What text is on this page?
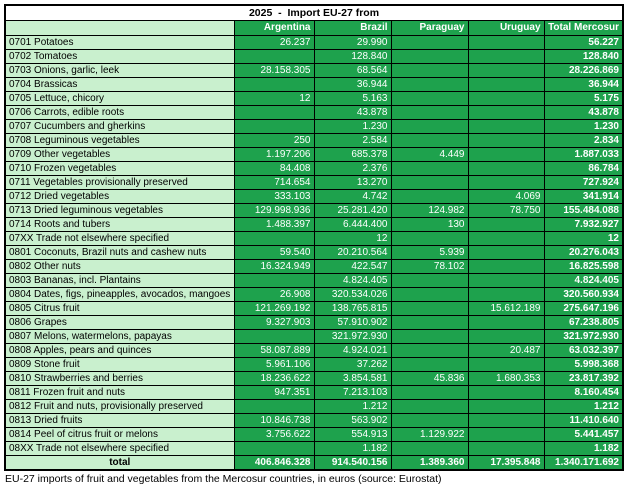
2025  -  Import EU-27 from					
	Argentina	Brazil	Paraguay	Uruguay	Total Mercosur
0701 Potatoes	26.237	29.990			56.227
0702 Tomatoes		128.840			128.840
0703 Onions, garlic, leek	28.158.305	68.564			28.226.869
0704 Brassicas		36.944			36.944
0705 Lettuce, chicory	12	5.163			5.175
0706 Carrots, edible roots		43.878			43.878
0707 Cucumbers and gherkins		1.230			1.230
0708 Leguminous vegetables	250	2.584			2.834
0709 Other vegetables	1.197.206	685.378	4.449		1.887.033
0710 Frozen vegetables	84.408	2.376			86.784
0711 Vegetables provisionally preserved	714.654	13.270			727.924
0712 Dried vegetables	333.103	4.742		4.069	341.914
0713 Dried leguminous vegetables	129.998.936	25.281.420	124.982	78.750	155.484.088
0714 Roots and tubers	1.488.397	6.444.400	130		7.932.927
07XX Trade not elsewhere specified		12			12
0801 Coconuts, Brazil nuts and cashew nuts	59.540	20.210.564	5.939		20.276.043
0802 Other nuts	16.324.949	422.547	78.102		16.825.598
0803 Bananas, incl. Plantains		4.824.405			4.824.405
0804 Dates, figs, pineapples, avocados, mangoes	26.908	320.534.026			320.560.934
0805 Citrus fruit	121.269.192	138.765.815		15.612.189	275.647.196
0806 Grapes	9.327.903	57.910.902			67.238.805
0807 Melons, watermelons, papayas		321.972.930			321.972.930
0808 Apples, pears and quinces	58.087.889	4.924.021		20.487	63.032.397
0809 Stone fruit	5.961.106	37.262			5.998.368
0810 Strawberries and berries	18.236.622	3.854.581	45.836	1.680.353	23.817.392
0811 Frozen fruit and nuts	947.351	7.213.103			8.160.454
0812 Fruit and nuts, provisionally preserved		1.212			1.212
0813 Dried fruits	10.846.738	563.902			11.410.640
0814 Peel of citrus fruit or melons	3.756.622	554.913	1.129.922		5.441.457
08XX Trade not elsewhere specified		1.182			1.182
total	406.846.328	914.540.156	1.389.360	17.395.848	1.340.171.692
EU-27 imports of fruit and vegetables from the Mercosur countries, in euros (source: Eurostat)
